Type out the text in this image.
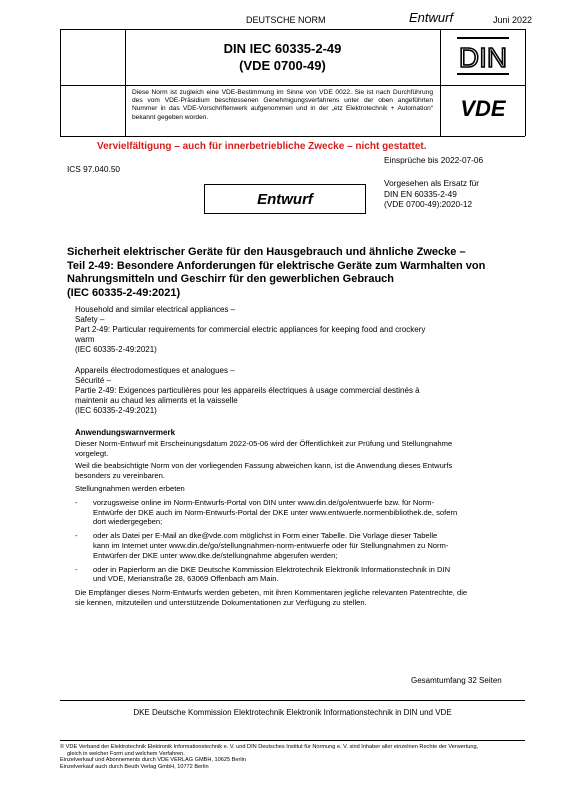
DEUTSCHE NORM	Entwurf	Juni 2022
DIN IEC 60335-2-49
(VDE 0700-49)	DIN
Diese Norm ist zugleich eine VDE-Bestimmung im Sinne von VDE 0022. Sie ist nach Durchführung des vom VDE-Präsidium beschlossenen Genehmigungsverfahrens unter der oben angeführten Nummer in das VDE-Vorschriftenwerk aufgenommen und in der „etz Elektrotechnik + Automation“ bekannt gegeben worden.	VDE
Vervielfältigung – auch für innerbetriebliche Zwecke – nicht gestattet.
Einsprüche bis 2022-07-06
ICS 97.040.50
Entwurf
Vorgesehen als Ersatz für
DIN EN 60335-2-49
(VDE 0700-49):2020-12
Sicherheit elektrischer Geräte für den Hausgebrauch und ähnliche Zwecke –
Teil 2-49: Besondere Anforderungen für elektrische Geräte zum Warmhalten von
Nahrungsmitteln und Geschirr für den gewerblichen Gebrauch
(IEC 60335-2-49:2021)
Household and similar electrical appliances –
Safety –
Part 2-49: Particular requirements for commercial electric appliances for keeping food and crockery
warm
(IEC 60335-2-49:2021)
Appareils électrodomestiques et analogues –
Sécurité –
Partie 2-49: Exigences particulières pour les appareils électriques à usage commercial destinés à
maintenir au chaud les aliments et la vaisselle
(IEC 60335-2-49:2021)
Anwendungswarnvermerk
Dieser Norm-Entwurf mit Erscheinungsdatum 2022-05-06 wird der Öffentlichkeit zur Prüfung und Stellungnahme
vorgelegt.
Weil die beabsichtigte Norm von der vorliegenden Fassung abweichen kann, ist die Anwendung dieses Entwurfs
besonders zu vereinbaren.
Stellungnahmen werden erbeten
-	vorzugsweise online im Norm-Entwurfs-Portal von DIN unter www.din.de/go/entwuerfe bzw. für Norm-
Entwürfe der DKE auch im Norm-Entwurfs-Portal der DKE unter www.entwuerfe.normenbibliothek.de, sofern
dort wiedergegeben;
-	oder als Datei per E-Mail an dke@vde.com möglichst in Form einer Tabelle. Die Vorlage dieser Tabelle
kann im Internet unter www.din.de/go/stellungnahmen-norm-entwuerfe oder für Stellungnahmen zu Norm-
Entwürfen der DKE unter www.dke.de/stellungnahme abgerufen werden;
-	oder in Papierform an die DKE Deutsche Kommission Elektrotechnik Elektronik Informationstechnik in DIN
und VDE, Merianstraße 28, 63069 Offenbach am Main.
Die Empfänger dieses Norm-Entwurfs werden gebeten, mit ihren Kommentaren jegliche relevanten Patentrechte, die
sie kennen, mitzuteilen und unterstützende Dokumentationen zur Verfügung zu stellen.
Gesamtumfang 32 Seiten
DKE Deutsche Kommission Elektrotechnik Elektronik Informationstechnik in DIN und VDE
© VDE Verband der Elektrotechnik Elektronik Informationstechnik e. V. und DIN Deutsches Institut für Normung e. V. sind Inhaber aller einzelnen Rechte der Verwertung,
gleich in welcher Form und welchem Verfahren.
Einzelverkauf und Abonnements durch VDE VERLAG GMBH, 10625 Berlin
Einzelverkauf auch durch Beuth Verlag GmbH, 10772 Berlin
